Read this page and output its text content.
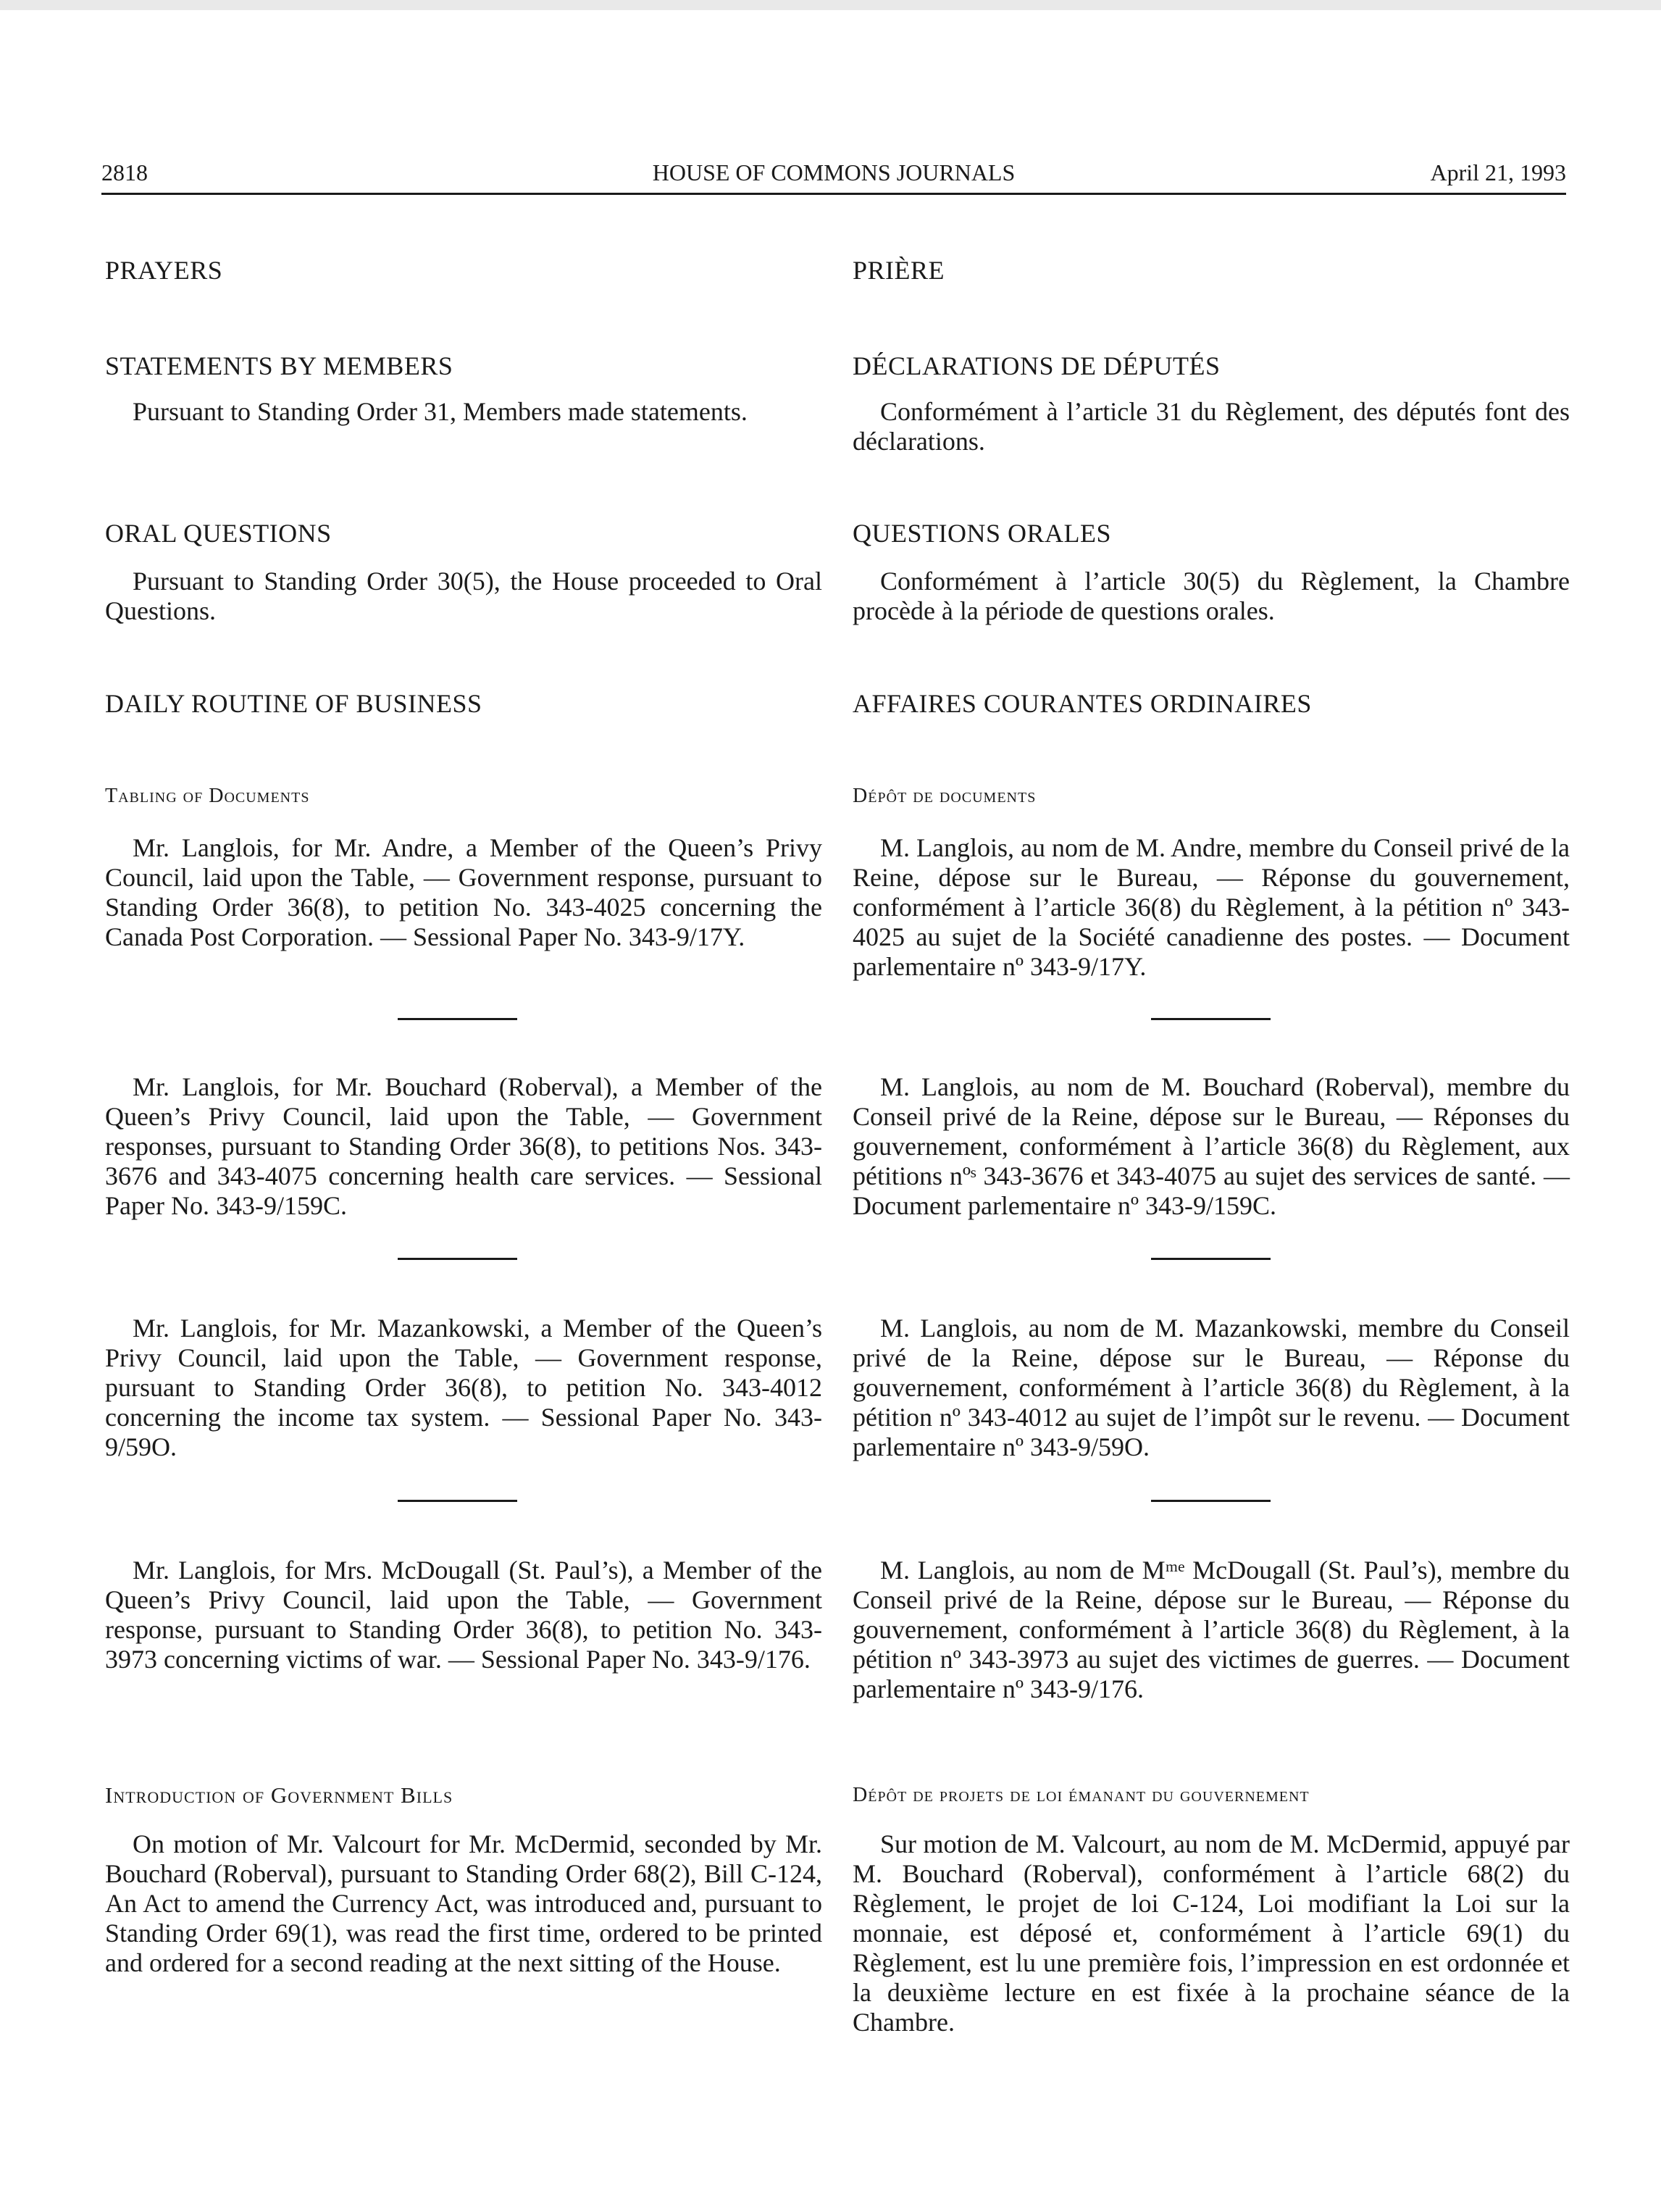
2818	HOUSE OF COMMONS JOURNALS	April 21, 1993
PRAYERS
STATEMENTS BY MEMBERS

Pursuant to Standing Order 31, Members made statements.

ORAL QUESTIONS

Pursuant to Standing Order 30(5), the House proceeded to Oral Questions.

DAILY ROUTINE OF BUSINESS
Tabling of Documents

Mr. Langlois, for Mr. Andre, a Member of the Queen’s Privy Council, laid upon the Table, — Government response, pursuant to Standing Order 36(8), to petition No. 343-4025 concerning the Canada Post Corporation. — Sessional Paper No. 343-9/17Y.

Mr. Langlois, for Mr. Bouchard (Roberval), a Member of the Queen’s Privy Council, laid upon the Table, — Government responses, pursuant to Standing Order 36(8), to petitions Nos. 343-3676 and 343-4075 concerning health care services. — Sessional Paper No. 343-9/159C.

Mr. Langlois, for Mr. Mazankowski, a Member of the Queen’s Privy Council, laid upon the Table, — Government response, pursuant to Standing Order 36(8), to petition No. 343-4012 concerning the income tax system. — Sessional Paper No. 343-9/59O.

Mr. Langlois, for Mrs. McDougall (St. Paul’s), a Member of the Queen’s Privy Council, laid upon the Table, — Government response, pursuant to Standing Order 36(8), to petition No. 343-3973 concerning victims of war. — Sessional Paper No. 343-9/176.

Introduction of Government Bills

On motion of Mr. Valcourt for Mr. McDermid, seconded by Mr. Bouchard (Roberval), pursuant to Standing Order 68(2), Bill C-124, An Act to amend the Currency Act, was introduced and, pursuant to Standing Order 69(1), was read the first time, ordered to be printed and ordered for a second reading at the next sitting of the House.

PRIÈRE
DÉCLARATIONS DE DÉPUTÉS

Conformément à l’article 31 du Règlement, des députés font des déclarations.

QUESTIONS ORALES

Conformément à l’article 30(5) du Règlement, la Chambre procède à la période de questions orales.

AFFAIRES COURANTES ORDINAIRES
Dépôt de documents

M. Langlois, au nom de M. Andre, membre du Conseil privé de la Reine, dépose sur le Bureau, — Réponse du gouvernement, conformément à l’article 36(8) du Règlement, à la pétition nº 343-4025 au sujet de la Société canadienne des postes. — Document parlementaire nº 343-9/17Y.

M. Langlois, au nom de M. Bouchard (Roberval), membre du Conseil privé de la Reine, dépose sur le Bureau, — Réponses du gouvernement, conformément à l’article 36(8) du Règlement, aux pétitions nºˢ 343-3676 et 343-4075 au sujet des services de santé. — Document parlementaire nº 343-9/159C.

M. Langlois, au nom de M. Mazankowski, membre du Conseil privé de la Reine, dépose sur le Bureau, — Réponse du gouvernement, conformément à l’article 36(8) du Règlement, à la pétition nº 343-4012 au sujet de l’impôt sur le revenu. — Document parlementaire nº 343-9/59O.

M. Langlois, au nom de Mᵐᵉ McDougall (St. Paul’s), membre du Conseil privé de la Reine, dépose sur le Bureau, — Réponse du gouvernement, conformément à l’article 36(8) du Règlement, à la pétition nº 343-3973 au sujet des victimes de guerres. — Document parlementaire nº 343-9/176.

Dépôt de projets de loi émanant du gouvernement

Sur motion de M. Valcourt, au nom de M. McDermid, appuyé par M. Bouchard (Roberval), conformément à l’article 68(2) du Règlement, le projet de loi C-124, Loi modifiant la Loi sur la monnaie, est déposé et, conformément à l’article 69(1) du Règlement, est lu une première fois, l’impression en est ordonnée et la deuxième lecture en est fixée à la prochaine séance de la Chambre.
